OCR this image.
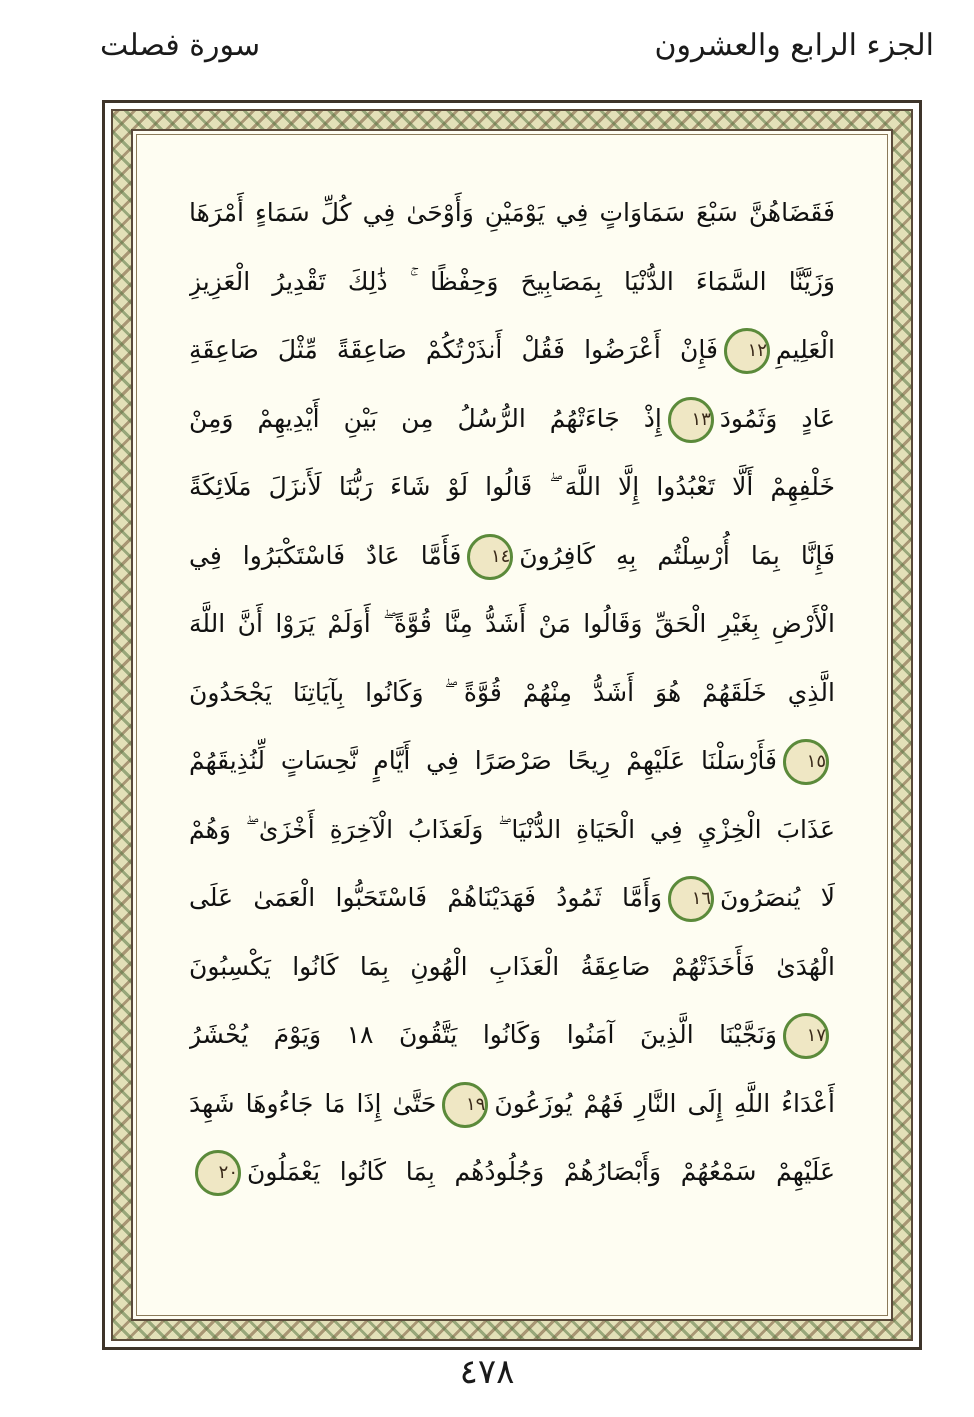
الجزء الرابع والعشرون
سورة فصلت
فَقَضَاهُنَّ سَبْعَ سَمَاوَاتٍ فِي يَوْمَيْنِ وَأَوْحَىٰ فِي كُلِّ سَمَاءٍ أَمْرَهَا
وَزَيَّنَّا السَّمَاءَ الدُّنْيَا بِمَصَابِيحَ وَحِفْظًا ۚ ذَٰلِكَ تَقْدِيرُ الْعَزِيزِ
الْعَلِيمِ١٢فَإِنْ أَعْرَضُوا فَقُلْ أَنذَرْتُكُمْ صَاعِقَةً مِّثْلَ صَاعِقَةِ
عَادٍ وَثَمُودَ١٣إِذْ جَاءَتْهُمُ الرُّسُلُ مِن بَيْنِ أَيْدِيهِمْ وَمِنْ
خَلْفِهِمْ أَلَّا تَعْبُدُوا إِلَّا اللَّهَ ۖ قَالُوا لَوْ شَاءَ رَبُّنَا لَأَنزَلَ مَلَائِكَةً
فَإِنَّا بِمَا أُرْسِلْتُم بِهِ كَافِرُونَ١٤فَأَمَّا عَادٌ فَاسْتَكْبَرُوا فِي
الْأَرْضِ بِغَيْرِ الْحَقِّ وَقَالُوا مَنْ أَشَدُّ مِنَّا قُوَّةً ۖ أَوَلَمْ يَرَوْا أَنَّ اللَّهَ
الَّذِي خَلَقَهُمْ هُوَ أَشَدُّ مِنْهُمْ قُوَّةً ۖ وَكَانُوا بِآيَاتِنَا يَجْحَدُونَ
١٥فَأَرْسَلْنَا عَلَيْهِمْ رِيحًا صَرْصَرًا فِي أَيَّامٍ نَّحِسَاتٍ لِّنُذِيقَهُمْ
عَذَابَ الْخِزْيِ فِي الْحَيَاةِ الدُّنْيَا ۖ وَلَعَذَابُ الْآخِرَةِ أَخْزَىٰ ۖ وَهُمْ
لَا يُنصَرُونَ١٦وَأَمَّا ثَمُودُ فَهَدَيْنَاهُمْ فَاسْتَحَبُّوا الْعَمَىٰ عَلَى
الْهُدَىٰ فَأَخَذَتْهُمْ صَاعِقَةُ الْعَذَابِ الْهُونِ بِمَا كَانُوا يَكْسِبُونَ
١٧وَنَجَّيْنَا الَّذِينَ آمَنُوا وَكَانُوا يَتَّقُونَ ١٨ وَيَوْمَ يُحْشَرُ
أَعْدَاءُ اللَّهِ إِلَى النَّارِ فَهُمْ يُوزَعُونَ١٩حَتَّىٰ إِذَا مَا جَاءُوهَا شَهِدَ
عَلَيْهِمْ سَمْعُهُمْ وَأَبْصَارُهُمْ وَجُلُودُهُم بِمَا كَانُوا يَعْمَلُونَ٢٠
٤٧٨
